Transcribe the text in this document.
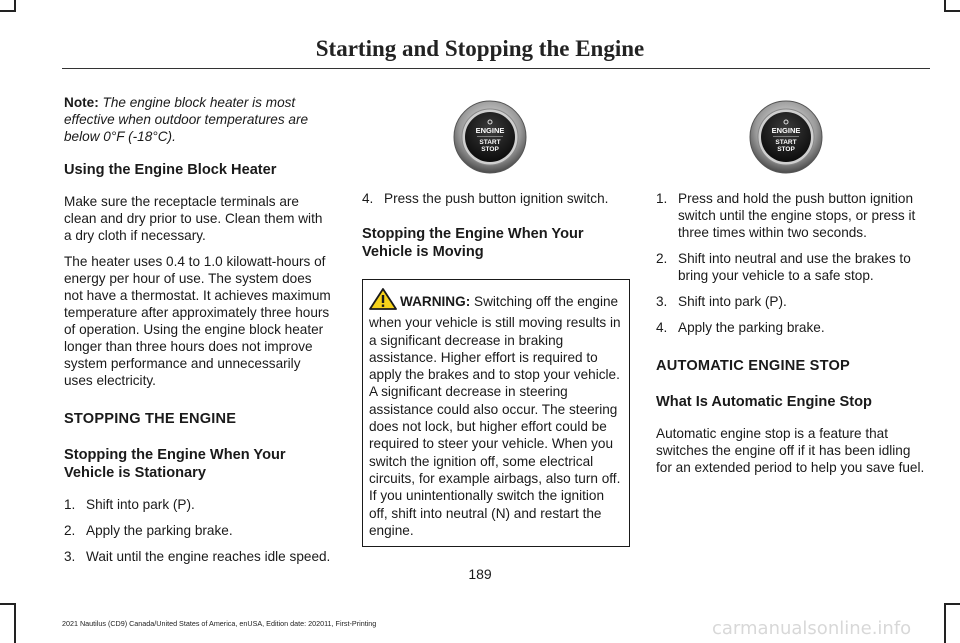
Starting and Stopping the Engine

Note: The engine block heater is most effective when outdoor temperatures are below 0°F (-18°C).

Using the Engine Block Heater

Make sure the receptacle terminals are clean and dry prior to use. Clean them with a dry cloth if necessary.

The heater uses 0.4 to 1.0 kilowatt-hours of energy per hour of use. The system does not have a thermostat. It achieves maximum temperature after approximately three hours of operation. Using the engine block heater longer than three hours does not improve system performance and unnecessarily uses electricity.

STOPPING THE ENGINE
Stopping the Engine When Your Vehicle is Stationary
1. Shift into park (P).
2. Apply the parking brake.
3. Wait until the engine reaches idle speed.
ENGINE
START
STOP
4. Press the push button ignition switch.
Stopping the Engine When Your Vehicle is Moving
WARNING: Switching off the engine when your vehicle is still moving results in a significant decrease in braking assistance. Higher effort is required to apply the brakes and to stop your vehicle. A significant decrease in steering assistance could also occur. The steering does not lock, but higher effort could be required to steer your vehicle. When you switch the ignition off, some electrical circuits, for example airbags, also turn off. If you unintentionally switch the ignition off, shift into neutral (N) and restart the engine.
ENGINE
START
STOP
1. Press and hold the push button ignition switch until the engine stops, or press it three times within two seconds.
2. Shift into neutral and use the brakes to bring your vehicle to a safe stop.
3. Shift into park (P).
4. Apply the parking brake.
AUTOMATIC ENGINE STOP
What Is Automatic Engine Stop

Automatic engine stop is a feature that switches the engine off if it has been idling for an extended period to help you save fuel.

189
2021 Nautilus (CD9) Canada/United States of America, enUSA, Edition date: 202011, First-Printing	carmanualsonline.info
